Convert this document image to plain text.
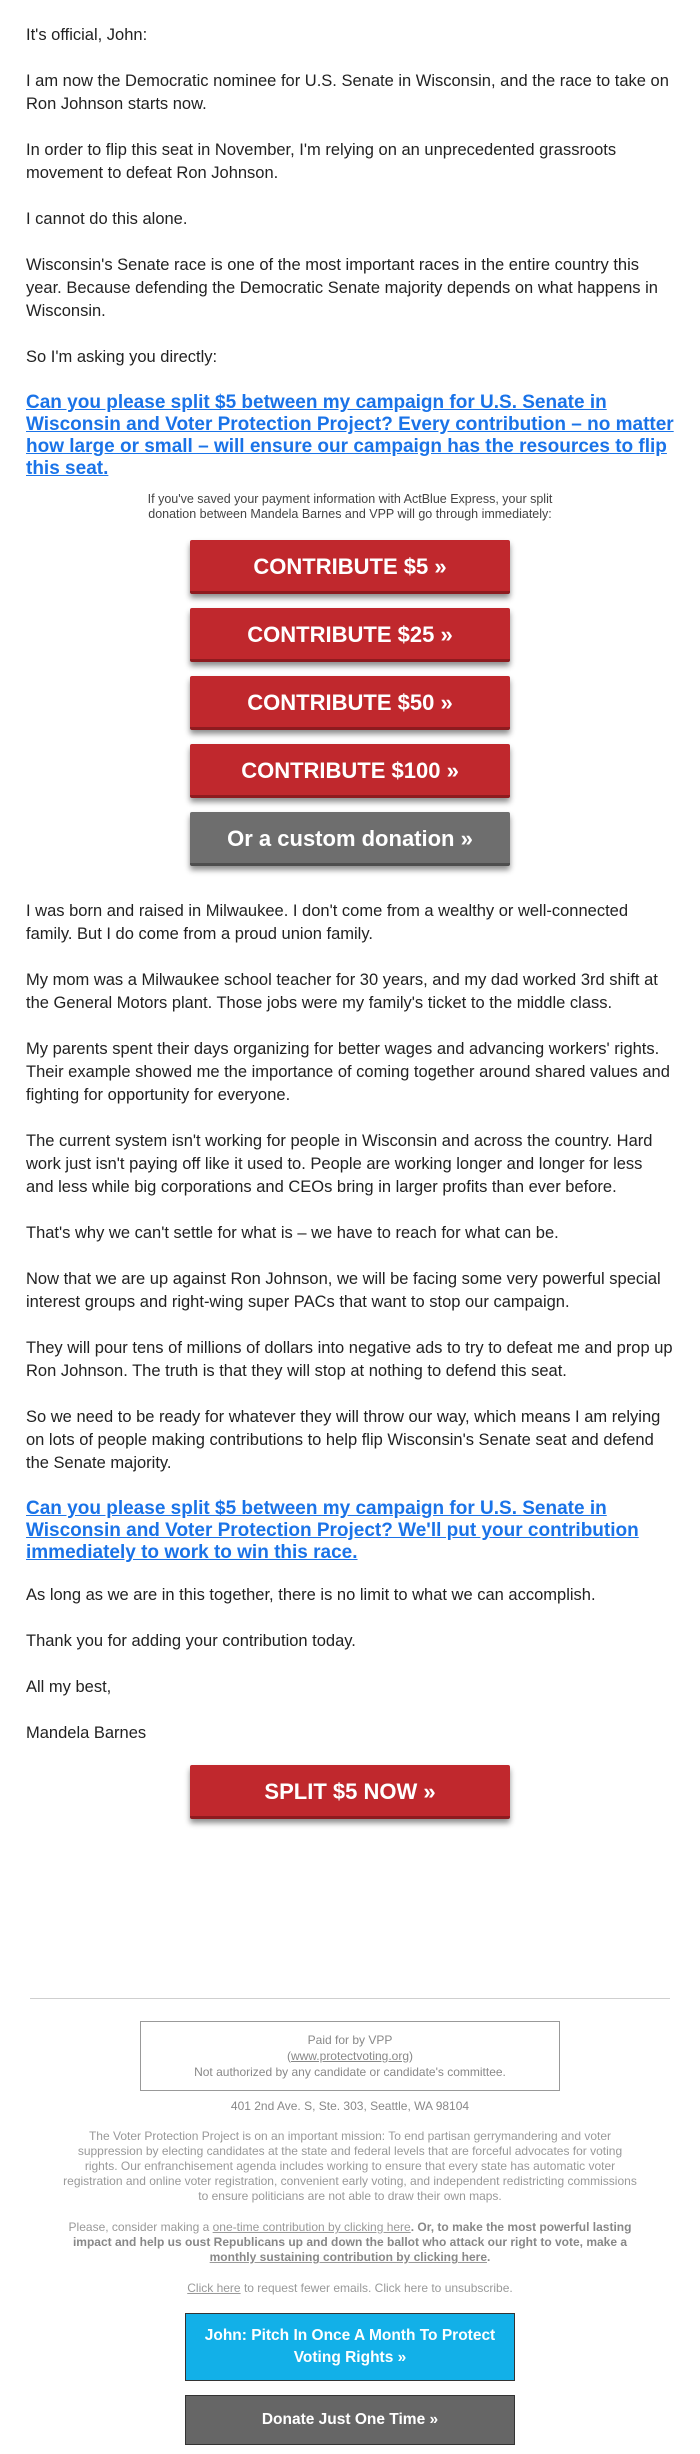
It's official, John:

I am now the Democratic nominee for U.S. Senate in Wisconsin, and the race to take on Ron Johnson starts now.

In order to flip this seat in November, I'm relying on an unprecedented grassroots movement to defeat Ron Johnson.

I cannot do this alone.

Wisconsin's Senate race is one of the most important races in the entire country this year. Because defending the Democratic Senate majority depends on what happens in Wisconsin.

So I'm asking you directly:

Can you please split $5 between my campaign for U.S. Senate in Wisconsin and Voter Protection Project? Every contribution – no matter how large or small – will ensure our campaign has the resources to flip this seat.
If you've saved your payment information with ActBlue Express, your split donation between Mandela Barnes and VPP will go through immediately:
CONTRIBUTE $5 »
CONTRIBUTE $25 »
CONTRIBUTE $50 »
CONTRIBUTE $100 »
Or a custom donation »

I was born and raised in Milwaukee. I don't come from a wealthy or well-connected family. But I do come from a proud union family.

My mom was a Milwaukee school teacher for 30 years, and my dad worked 3rd shift at the General Motors plant. Those jobs were my family's ticket to the middle class.

My parents spent their days organizing for better wages and advancing workers' rights. Their example showed me the importance of coming together around shared values and fighting for opportunity for everyone.

The current system isn't working for people in Wisconsin and across the country. Hard work just isn't paying off like it used to. People are working longer and longer for less and less while big corporations and CEOs bring in larger profits than ever before.

That's why we can't settle for what is – we have to reach for what can be.

Now that we are up against Ron Johnson, we will be facing some very powerful special interest groups and right-wing super PACs that want to stop our campaign.

They will pour tens of millions of dollars into negative ads to try to defeat me and prop up Ron Johnson. The truth is that they will stop at nothing to defend this seat.

So we need to be ready for whatever they will throw our way, which means I am relying on lots of people making contributions to help flip Wisconsin's Senate seat and defend the Senate majority.

Can you please split $5 between my campaign for U.S. Senate in Wisconsin and Voter Protection Project? We'll put your contribution immediately to work to win this race.

As long as we are in this together, there is no limit to what we can accomplish.

Thank you for adding your contribution today.

All my best,

Mandela Barnes

SPLIT $5 NOW »
Paid for by VPP
(www.protectvoting.org)
Not authorized by any candidate or candidate's committee.
401 2nd Ave. S, Ste. 303, Seattle, WA 98104
The Voter Protection Project is on an important mission: To end partisan gerrymandering and voter suppression by electing candidates at the state and federal levels that are forceful advocates for voting rights. Our enfranchisement agenda includes working to ensure that every state has automatic voter registration and online voter registration, convenient early voting, and independent redistricting commissions to ensure politicians are not able to draw their own maps.
Please, consider making a one-time contribution by clicking here. Or, to make the most powerful lasting impact and help us oust Republicans up and down the ballot who attack our right to vote, make a monthly sustaining contribution by clicking here.
Click here to request fewer emails. Click here to unsubscribe.
John: Pitch In Once A Month To Protect Voting Rights »
Donate Just One Time »
